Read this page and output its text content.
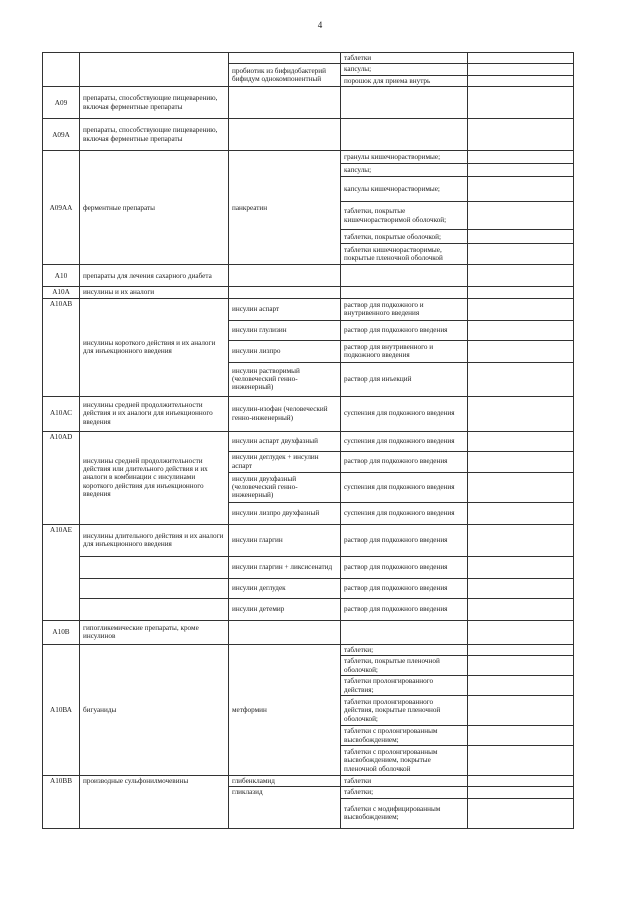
4
			таблетки	
		пробиотик из бифидобактерий бифидум однокомпонентный	капсулы;	
			порошок для приема внутрь	
А09	препараты, способствующие пищеварению, включая ферментные препараты			
А09А	препараты, способствующие пищеварению, включая ферментные препараты			
А09АА	ферментные препараты	панкреатин	гранулы кишечнорастворимые;	
			капсулы;	
			капсулы кишечнорастворимые;	
			таблетки, покрытые кишечнорастворимой оболочкой;	
			таблетки, покрытые оболочкой;	
			таблетки кишечнорастворимые, покрытые пленочной оболочкой	
А10	препараты для лечения сахарного диабета			
А10А	инсулины и их аналоги			
А10АВ	инсулины короткого действия и их аналоги для инъекционного введения	инсулин аспарт	раствор для подкожного и внутривенного введения	
		инсулин глулизин	раствор для подкожного введения	
		инсулин лизпро	раствор для внутривенного и подкожного введения	
		инсулин растворимый (человеческий генно-инженерный)	раствор для инъекций	
А10АС	инсулины средней продолжительности действия и их аналоги для инъекционного введения	инсулин-изофан (человеческий генно-инженерный)	суспензия для подкожного введения	
А10AD	инсулины средней продолжительности действия или длительного действия и их аналоги в комбинации с инсулинами короткого действия для инъекционного введения	инсулин аспарт двухфазный	суспензия для подкожного введения	
		инсулин деглудек + инсулин аспарт	раствор для подкожного введения	
		инсулин двухфазный (человеческий генно-инженерный)	суспензия для подкожного введения	
		инсулин лизпро двухфазный	суспензия для подкожного введения	
А10АЕ	инсулины длительного действия и их аналоги для инъекционного введения	инсулин гларгин	раствор для подкожного введения	
		инсулин гларгин + ликсисенатид	раствор для подкожного введения	
		инсулин деглудек	раствор для подкожного введения	
		инсулин детемир	раствор для подкожного введения	
А10В	гипогликемические препараты, кроме инсулинов			
А10ВА	бигуаниды	метформин	таблетки;	
			таблетки, покрытые пленочной оболочкой;	
			таблетки пролонгированного действия;	
			таблетки пролонгированного действия, покрытые пленочной оболочкой;	
			таблетки с пролонгированным высвобождением;	
			таблетки с пролонгированным высвобождением, покрытые пленочной оболочкой	
А10ВВ	производные сульфонилмочевины	глибенкламид	таблетки	
		гликлазид	таблетки;	
			таблетки с модифицированным высвобождением;	
